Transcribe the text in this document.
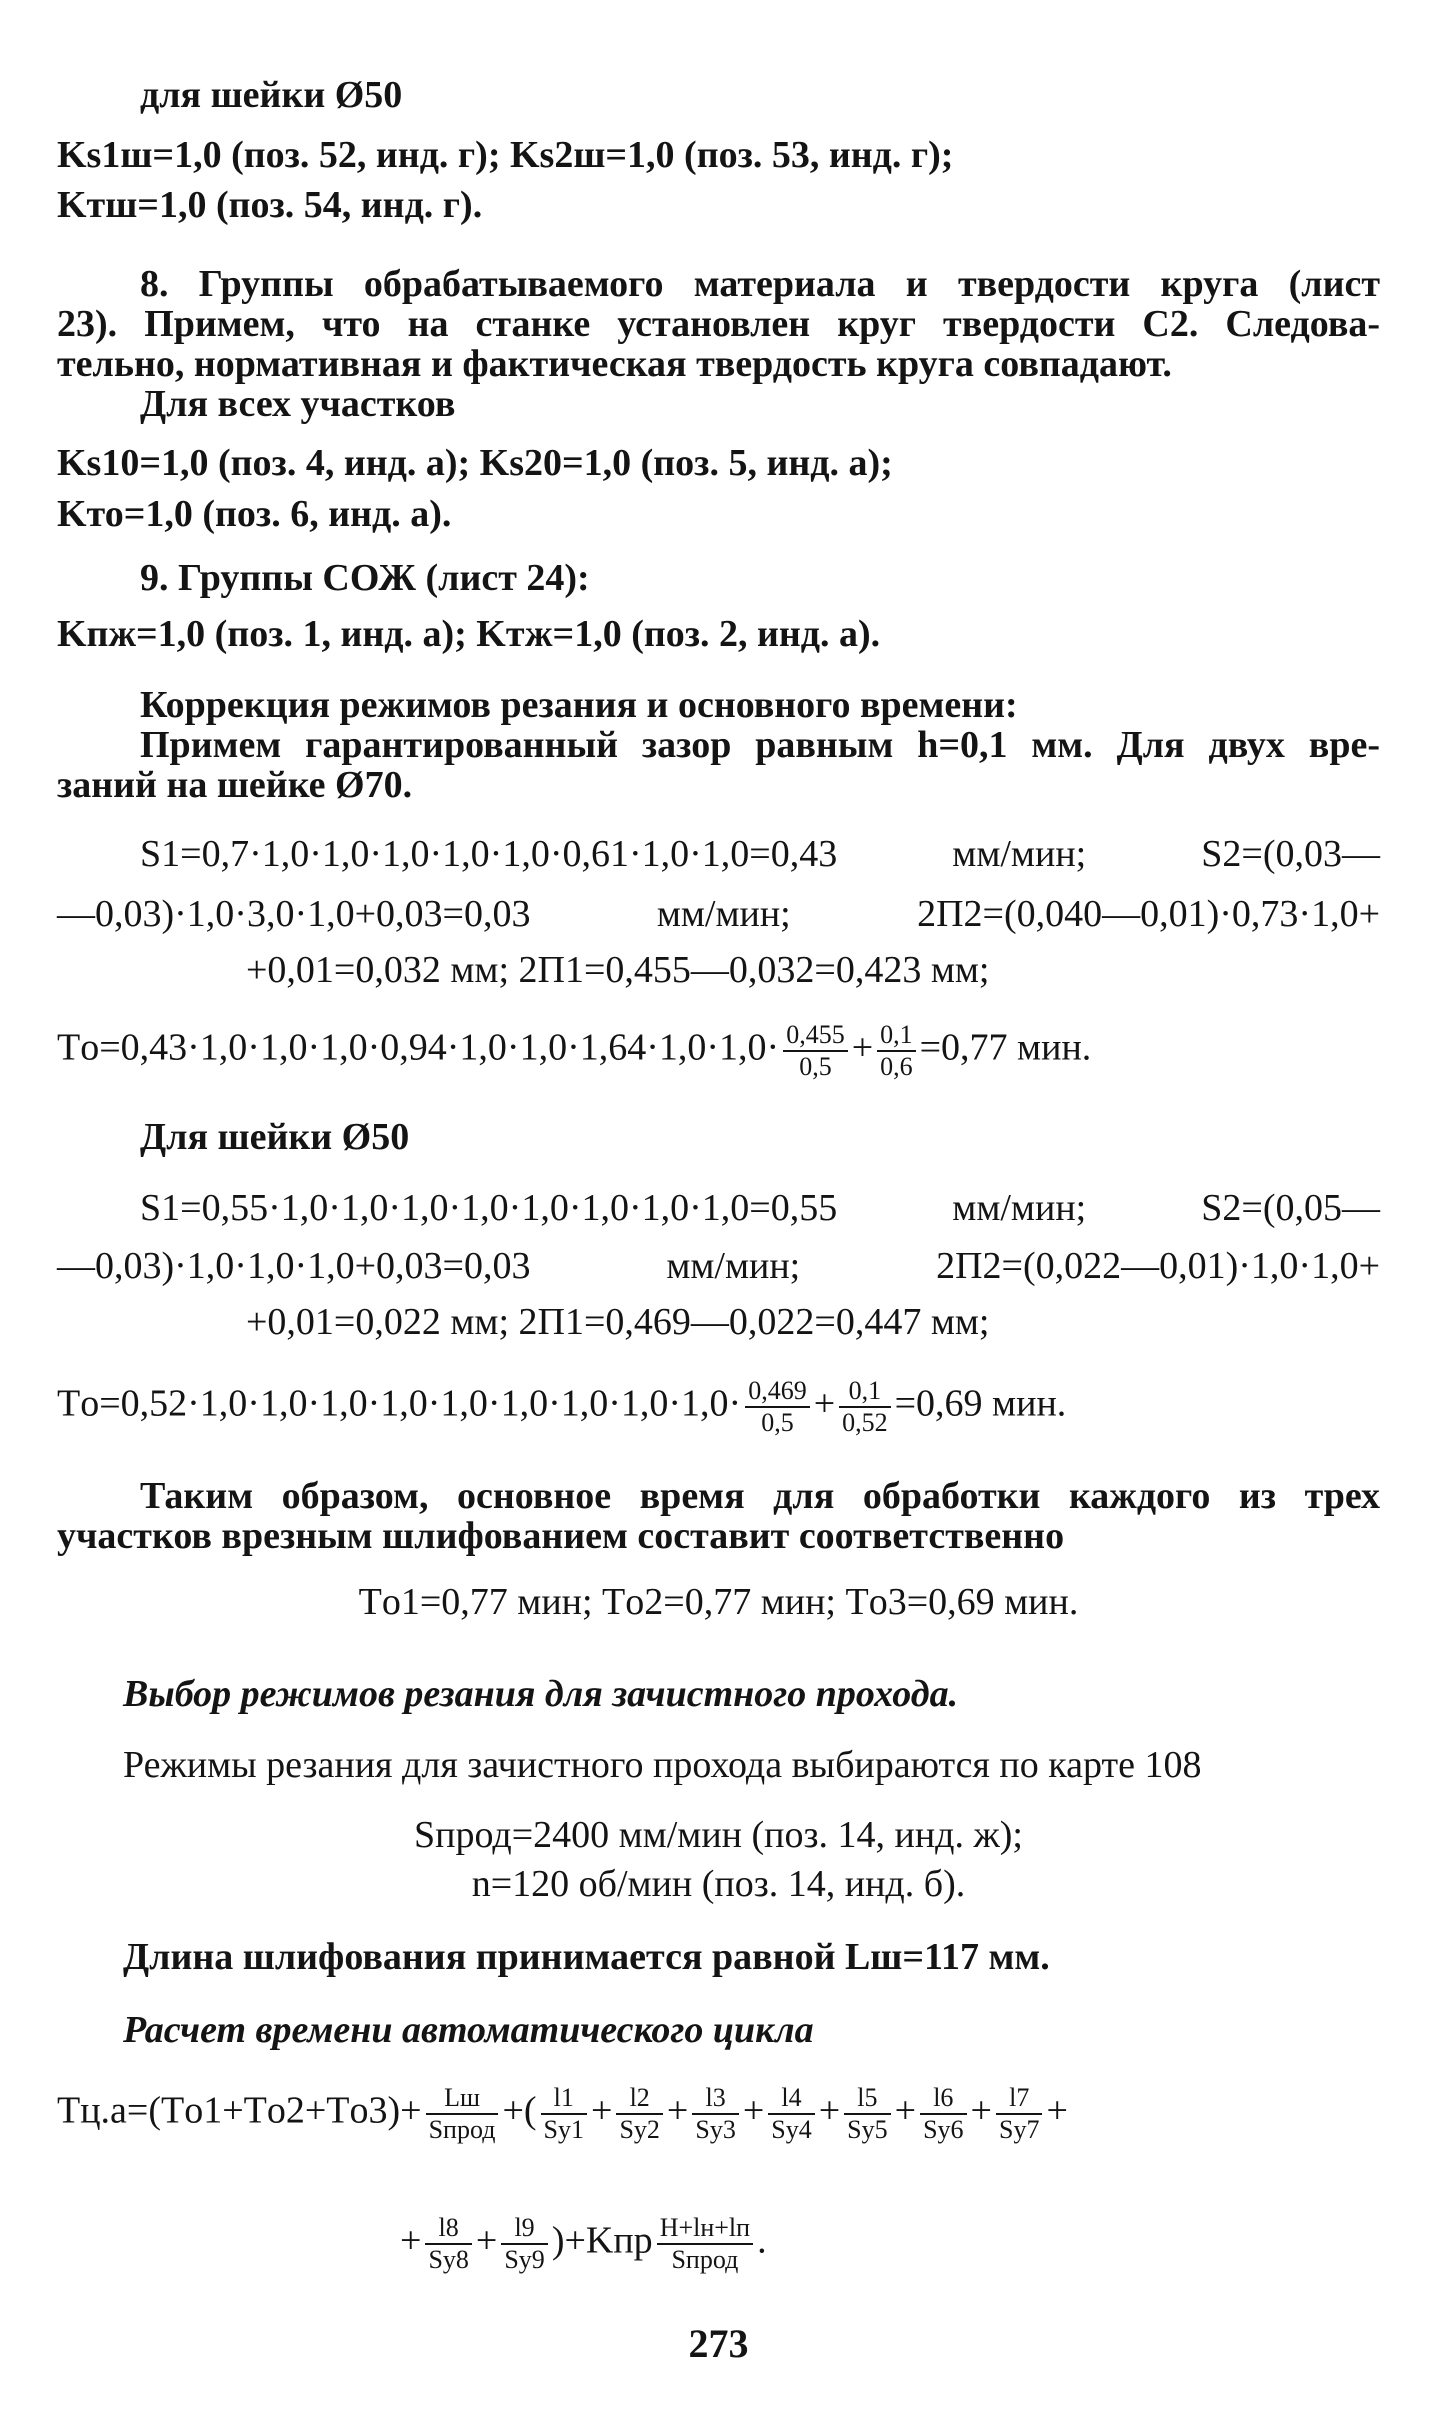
для шейки Ø50
Ks1ш=1,0 (поз. 52, инд. г); Ks2ш=1,0 (поз. 53, инд. г);
Kтш=1,0 (поз. 54, инд. г).
8. Группы обрабатываемого материала и твердости круга (лист
23). Примем, что на станке установлен круг твердости С2. Следова-
тельно, нормативная и фактическая твердость круга совпадают.
Для всех участков
Ks10=1,0 (поз. 4, инд. а); Ks20=1,0 (поз. 5, инд. а);
Kто=1,0 (поз. 6, инд. а).
9. Группы СОЖ (лист 24):
Kпж=1,0 (поз. 1, инд. а); Kтж=1,0 (поз. 2, инд. а).
Коррекция режимов резания и основного времени:
Примем гарантированный зазор равным h=0,1 мм. Для двух вре-
заний на шейке Ø70.
S1=0,7·1,0·1,0·1,0·1,0·1,0·0,61·1,0·1,0=0,43 мм/мин; S2=(0,03—
—0,03)·1,0·3,0·1,0+0,03=0,03 мм/мин; 2П2=(0,040—0,01)·0,73·1,0+
+0,01=0,032 мм; 2П1=0,455—0,032=0,423 мм;
$Tо=0,43\cdot 1,0\cdot 1,0\cdot 1,0\cdot 0,94\cdot 1,0\cdot 1,0\cdot 1,64\cdot 1,0\cdot 1,0\cdot \frac{0,455}{0,5} + \frac{0,1}{0,6} =0,77$ мин.
Для шейки Ø50
S1=0,55·1,0·1,0·1,0·1,0·1,0·1,0·1,0·1,0=0,55 мм/мин; S2=(0,05—
—0,03)·1,0·1,0·1,0+0,03=0,03 мм/мин; 2П2=(0,022—0,01)·1,0·1,0+
+0,01=0,022 мм; 2П1=0,469—0,022=0,447 мм;
$Tо=0,52\cdot 1,0\cdot 1,0\cdot 1,0\cdot 1,0\cdot 1,0\cdot 1,0\cdot 1,0\cdot 1,0\cdot 1,0\cdot \frac{0,469}{0,5} + \frac{0,1}{0,52} =0,69$ мин.
Таким образом, основное время для обработки каждого из трех
участков врезным шлифованием составит соответственно
Tо1=0,77 мин; Tо2=0,77 мин; Tо3=0,69 мин.
Выбор режимов резания для зачистного прохода.
Режимы резания для зачистного прохода выбираются по карте 108
Sпрод=2400 мм/мин (поз. 14, инд. ж);
n=120 об/мин (поз. 14, инд. б).
Длина шлифования принимается равной Lш=117 мм.
Расчет времени автоматического цикла
$Tц.а=(Tо1+Tо2+Tо3)+ \frac{Lш}{\text{Sпрод}}$ +( $\frac{l1}{Sy1} + \frac{l2}{Sy2} + \frac{l3}{Sy3} + \frac{l4}{Sy4} + \frac{l5}{Sy5} + \frac{l6}{Sy6} + \frac{l7}{Sy7}$ +
+ $\frac{l8}{Sy8} + \frac{l9}{Sy9} )+Kпр \frac{H+lн+lп}{\text{Sпрод}}$ .
273
